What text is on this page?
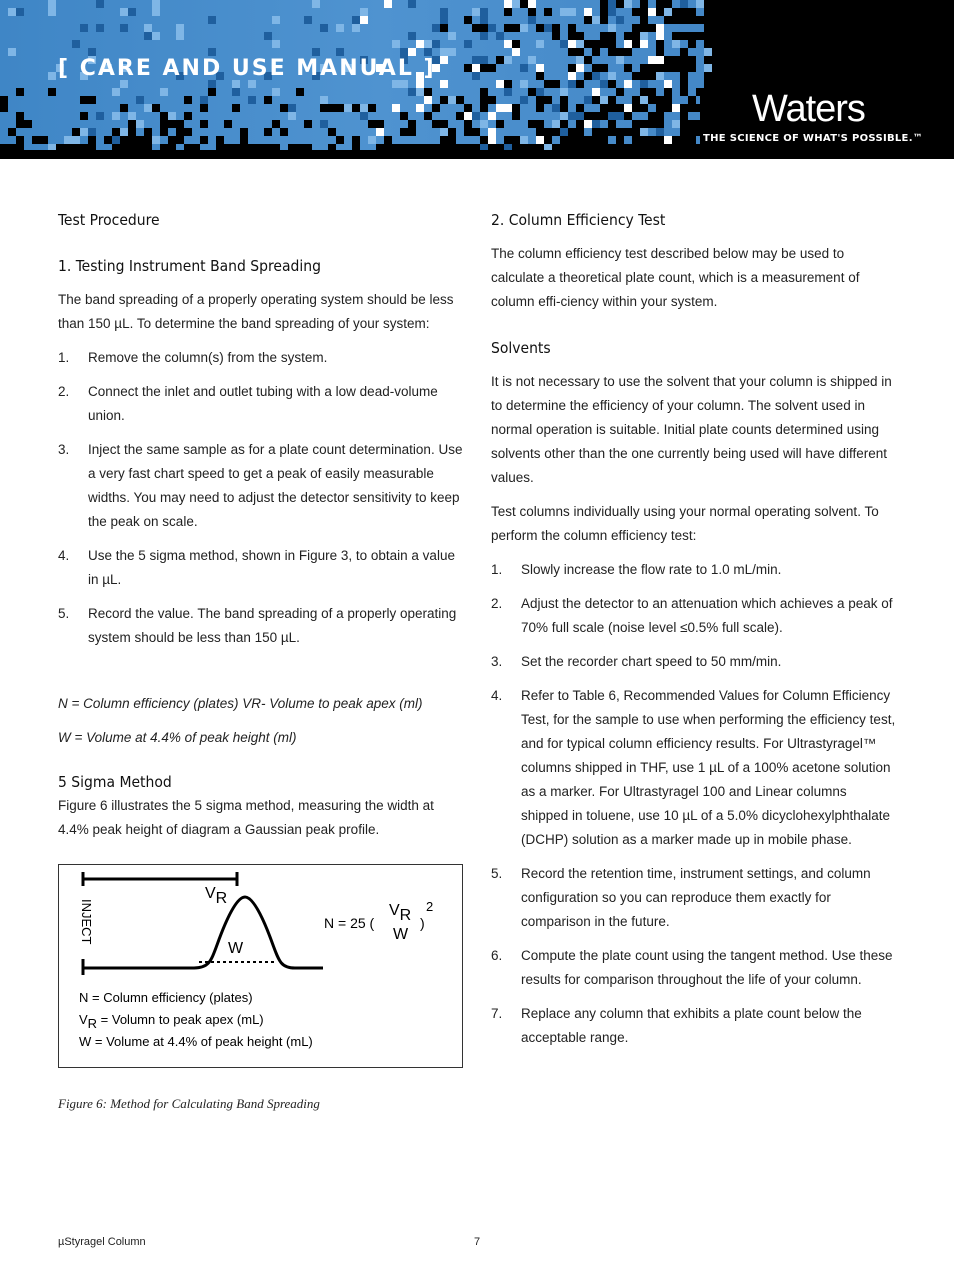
[ CARE AND USE MANUAL ]
Waters
THE SCIENCE OF WHAT'S POSSIBLE.™
Test Procedure
1. Testing Instrument Band Spreading

The band spreading of a properly operating system should be less than 150 µL. To determine the band spreading of your system:

1. Remove the column(s) from the system.
2. Connect the inlet and outlet tubing with a low dead-volume union.
3. Inject the same sample as for a plate count determination. Use a very fast chart speed to get a peak of easily measurable widths. You may need to adjust the detector sensitivity to keep the peak on scale.
4. Use the 5 sigma method, shown in Figure 3, to obtain a value in µL.
5. Record the value. The band spreading of a properly operating system should be less than 150 µL.

N = Column efficiency (plates) VR- Volume to peak apex (ml)

W = Volume at 4.4% of peak height (ml)

5 Sigma Method

Figure 6 illustrates the 5 sigma method, measuring the width at 4.4% peak height of diagram a Gaussian peak profile.

INJECT
VR
W
N = 25 (
VR
W
)
2
N = Column efficiency (plates)
VR = Volumn to peak apex (mL)
W = Volume at 4.4% of peak height (mL)
Figure 6: Method for Calculating Band Spreading
2. Column Efficiency Test

The column efficiency test described below may be used to calculate a theoretical plate count, which is a measurement of column effi-ciency within your system.

Solvents

It is not necessary to use the solvent that your column is shipped in to determine the efficiency of your column. The solvent used in normal operation is suitable. Initial plate counts determined using solvents other than the one currently being used will have different values.

Test columns individually using your normal operating solvent. To perform the column efficiency test:

1. Slowly increase the flow rate to 1.0 mL/min.
2. Adjust the detector to an attenuation which achieves a peak of 70% full scale (noise level ≤0.5% full scale).
3. Set the recorder chart speed to 50 mm/min.
4. Refer to Table 6, Recommended Values for Column Efficiency Test, for the sample to use when performing the efficiency test, and for typical column efficiency results. For Ultrastyragel™ columns shipped in THF, use 1 µL of a 100% acetone solution as a marker. For Ultrastyragel 100 and Linear columns shipped in toluene, use 10 µL of a 5.0% dicyclohexylphthalate (DCHP) solution as a marker made up in mobile phase.
5. Record the retention time, instrument settings, and column configuration so you can reproduce them exactly for comparison in the future.
6. Compute the plate count using the tangent method. Use these results for comparison throughout the life of your column.
7. Replace any column that exhibits a plate count below the acceptable range.
µStyragel Column	7
